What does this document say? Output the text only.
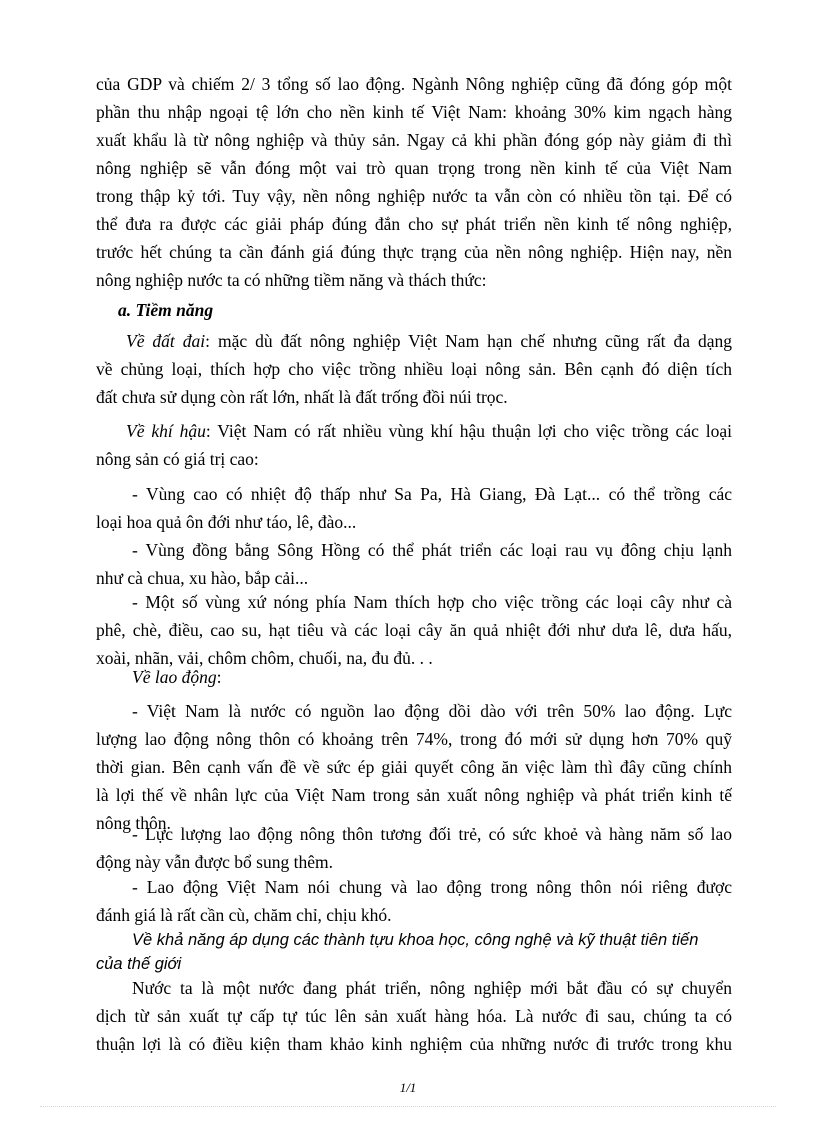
của GDP và chiếm 2/ 3 tổng số lao động. Ngành Nông nghiệp cũng đã đóng góp một
phần thu nhập ngoại tệ lớn cho nền kinh tế Việt Nam: khoảng 30% kim ngạch hàng
xuất khẩu là từ nông nghiệp và thủy sản. Ngay cả khi phần đóng góp này giảm đi thì
nông nghiệp sẽ vẫn đóng một vai trò quan trọng trong nền kinh tế của Việt Nam
trong thập kỷ tới. Tuy vậy, nền nông nghiệp nước ta vẫn còn có nhiều tồn tại. Để có
thể đưa ra được các giải pháp đúng đắn cho sự phát triển nền kinh tế nông nghiệp,
trước hết chúng ta cần đánh giá đúng thực trạng của nền nông nghiệp. Hiện nay, nền
nông nghiệp nước ta có những tiềm năng và thách thức:
a. Tiềm năng
Về đất đai: mặc dù đất nông nghiệp Việt Nam hạn chế nhưng cũng rất đa dạng
về chủng loại, thích hợp cho việc trồng nhiều loại nông sản. Bên cạnh đó diện tích
đất chưa sử dụng còn rất lớn, nhất là đất trống đồi núi trọc.
Về khí hậu: Việt Nam có rất nhiều vùng khí hậu thuận lợi cho việc trồng các loại
nông sản có giá trị cao:
- Vùng cao có nhiệt độ thấp như Sa Pa, Hà Giang, Đà Lạt... có thể trồng các
loại hoa quả ôn đới như táo, lê, đào...
- Vùng đồng bằng Sông Hồng có thể phát triển các loại rau vụ đông chịu lạnh
như cà chua, xu hào, bắp cải...
- Một số vùng xứ nóng phía Nam thích hợp cho việc trồng các loại cây như cà
phê, chè, điều, cao su, hạt tiêu và các loại cây ăn quả nhiệt đới như dưa lê, dưa hấu,
xoài, nhãn, vải, chôm chôm, chuối, na, đu đủ. . .
Về lao động:
- Việt Nam là nước có nguồn lao động dồi dào với trên 50% lao động. Lực
lượng lao động nông thôn có khoảng trên 74%, trong đó mới sử dụng hơn 70% quỹ
thời gian. Bên cạnh vấn đề về sức ép giải quyết công ăn việc làm thì đây cũng chính
là lợi thế về nhân lực của Việt Nam trong sản xuất nông nghiệp và phát triển kinh tế
nông thôn.
- Lực lượng lao động nông thôn tương đối trẻ, có sức khoẻ và hàng năm số lao
động này vẫn được bổ sung thêm.
- Lao động Việt Nam nói chung và lao động trong nông thôn nói riêng được
đánh giá là rất cần cù, chăm chỉ, chịu khó.
Về khả năng áp dụng các thành tựu khoa học, công nghệ và kỹ thuật tiên tiến
của thế giới
Nước ta là một nước đang phát triển, nông nghiệp mới bắt đầu có sự chuyển
dịch từ sản xuất tự cấp tự túc lên sản xuất hàng hóa. Là nước đi sau, chúng ta có
thuận lợi là có điều kiện tham khảo kinh nghiệm của những nước đi trước trong khu
1/1
